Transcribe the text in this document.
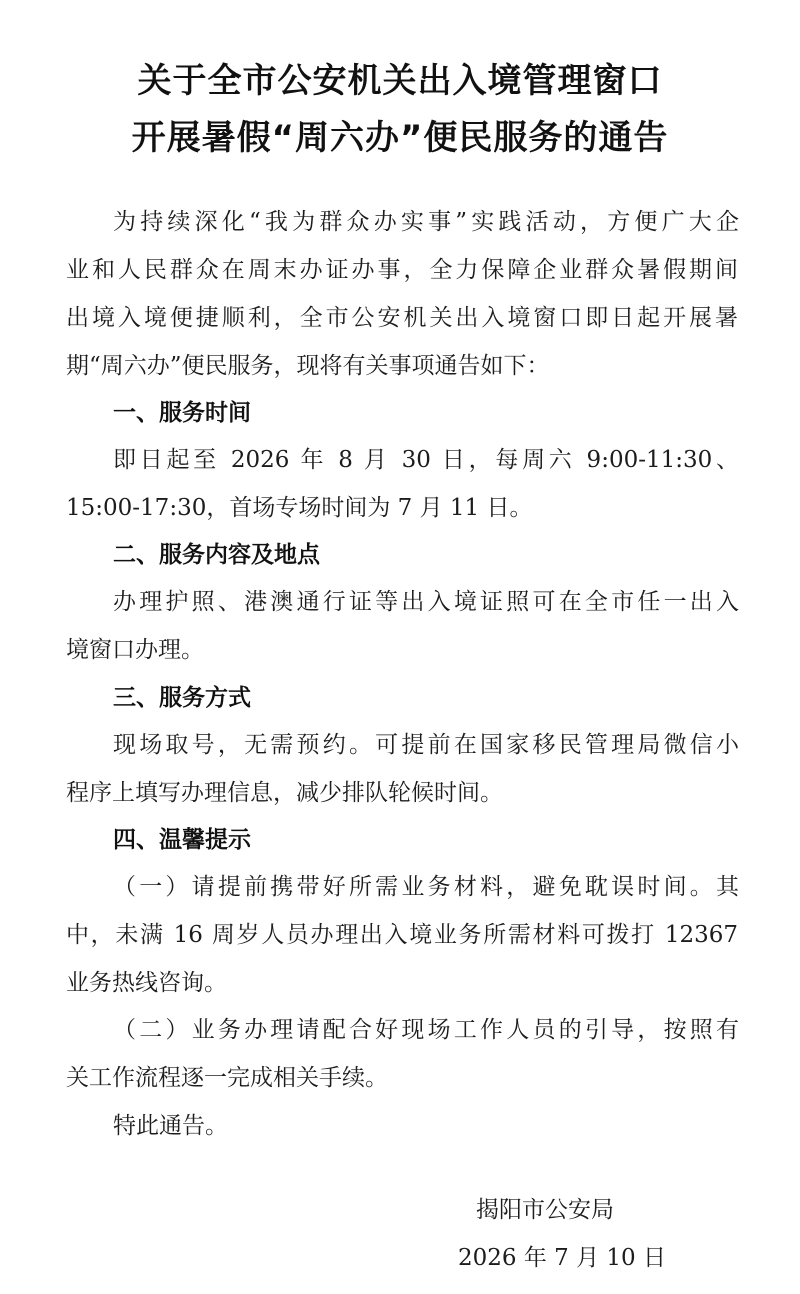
关于全市公安机关出入境管理窗口
开展暑假“周六办”便民服务的通告
为持续深化“我为群众办实事”实践活动，方便广大企
业和人民群众在周末办证办事，全力保障企业群众暑假期间
出境入境便捷顺利，全市公安机关出入境窗口即日起开展暑
期“周六办”便民服务，现将有关事项通告如下：
一、服务时间
即日起至 2026 年 8 月 30 日，每周六 9:00-11:30、
15:00-17:30，首场专场时间为 7 月 11 日。
二、服务内容及地点
办理护照、港澳通行证等出入境证照可在全市任一出入
境窗口办理。
三、服务方式
现场取号，无需预约。可提前在国家移民管理局微信小
程序上填写办理信息，减少排队轮候时间。
四、温馨提示
（一）请提前携带好所需业务材料，避免耽误时间。其
中，未满 16 周岁人员办理出入境业务所需材料可拨打 12367
业务热线咨询。
（二）业务办理请配合好现场工作人员的引导，按照有
关工作流程逐一完成相关手续。
特此通告。
揭阳市公安局
2026 年 7 月 10 日
